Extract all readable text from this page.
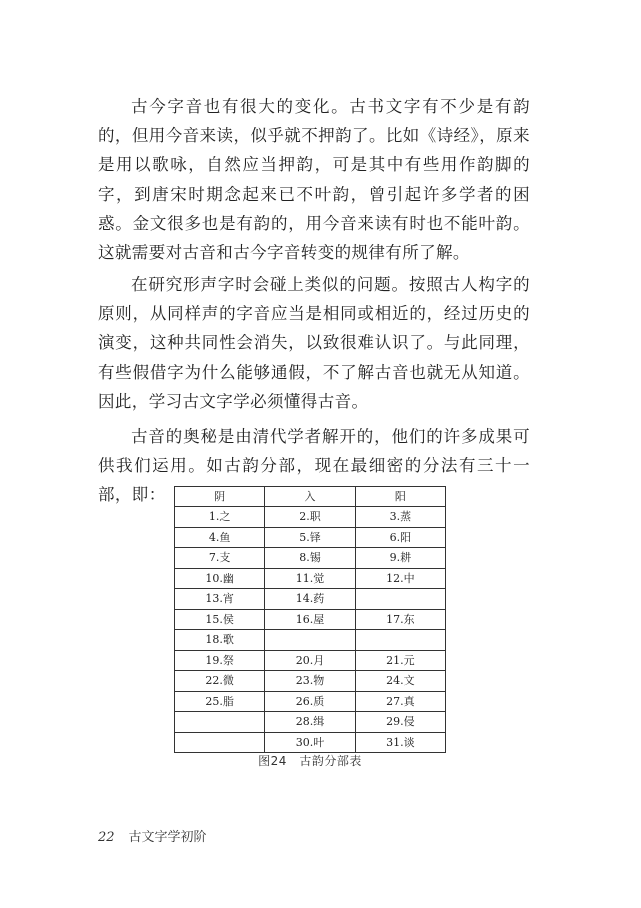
古今字音也有很大的变化。古书文字有不少是有韵的，但用今音来读，似乎就不押韵了。比如《诗经》，原来是用以歌咏，自然应当押韵，可是其中有些用作韵脚的字，到唐宋时期念起来已不叶韵，曾引起许多学者的困惑。金文很多也是有韵的，用今音来读有时也不能叶韵。这就需要对古音和古今字音转变的规律有所了解。

在研究形声字时会碰上类似的问题。按照古人构字的原则，从同样声的字音应当是相同或相近的，经过历史的演变，这种共同性会消失，以致很难认识了。与此同理，有些假借字为什么能够通假，不了解古音也就无从知道。因此，学习古文字学必须懂得古音。

古音的奥秘是由清代学者解开的，他们的许多成果可供我们运用。如古韵分部，现在最细密的分法有三十一部，即：	阴	入	阳
1.之	2.职	3.蒸
4.鱼	5.铎	6.阳
7.支	8.锡	9.耕
10.幽	11.觉	12.中
13.宵	14.药	
15.侯	16.屋	17.东
18.歌		
19.祭	20.月	21.元
22.微	23.物	24.文
25.脂	26.质	27.真
	28.缉	29.侵
	30.叶	31.谈
图24　古韵分部表
22 古文字学初阶
